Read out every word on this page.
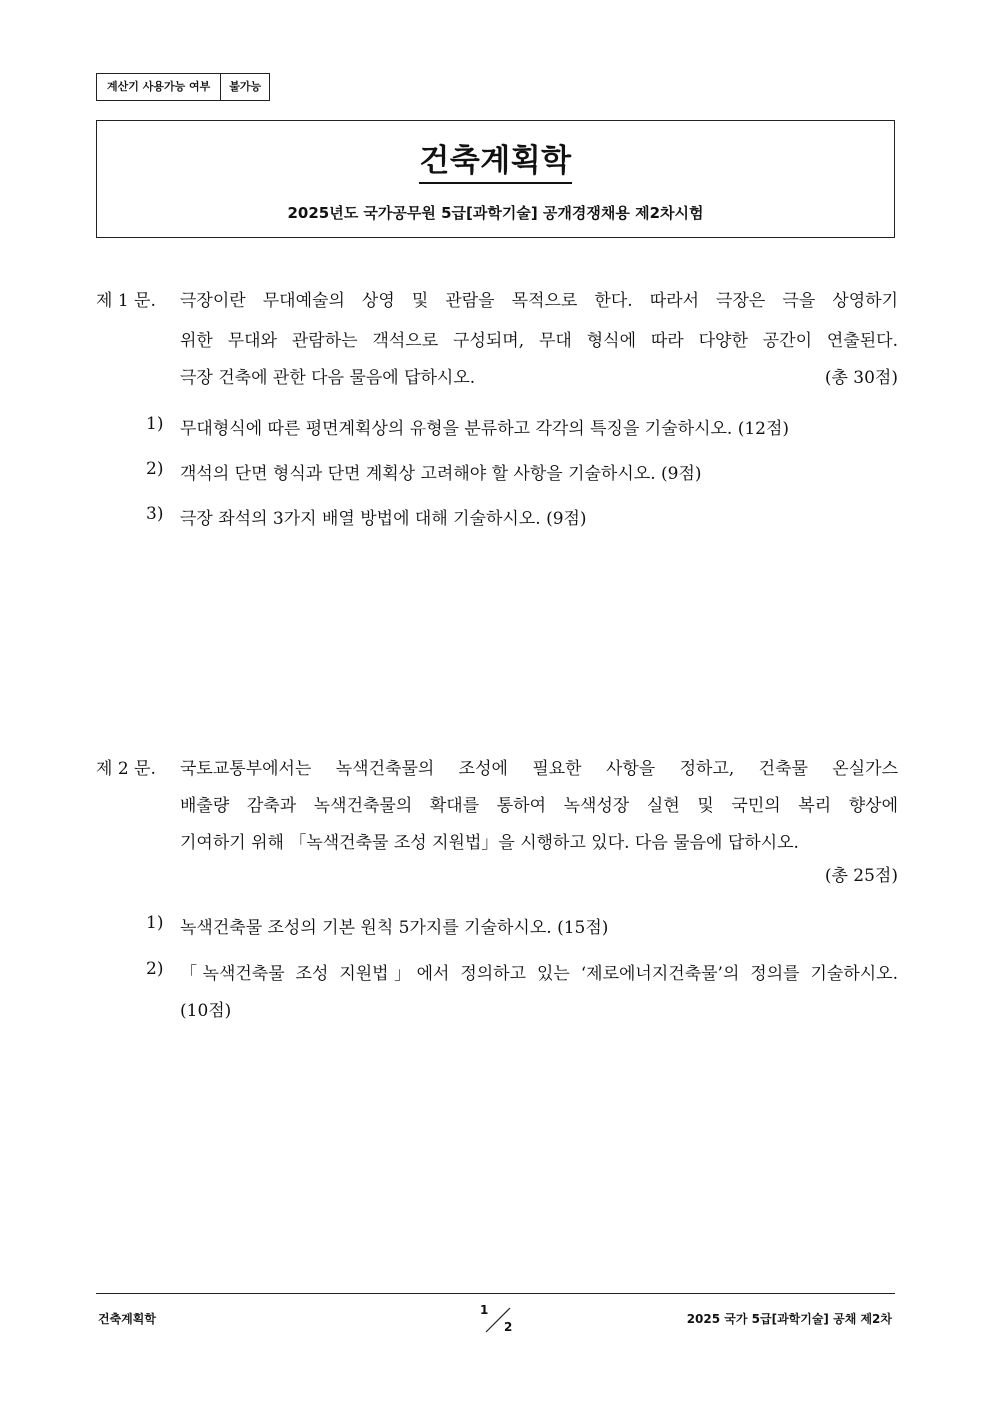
계산기 사용가능 여부	불가능
건축계획학
2025년도 국가공무원 5급[과학기술] 공개경쟁채용 제2차시험
제 1 문. 극장이란 무대예술의 상영 및 관람을 목적으로 한다. 따라서 극장은 극을 상영하기
위한 무대와 관람하는 객석으로 구성되며, 무대 형식에 따라 다양한 공간이 연출된다.
극장 건축에 관한 다음 물음에 답하시오.	(총 30점)
1) 무대형식에 따른 평면계획상의 유형을 분류하고 각각의 특징을 기술하시오. (12점)
2) 객석의 단면 형식과 단면 계획상 고려해야 할 사항을 기술하시오. (9점)
3) 극장 좌석의 3가지 배열 방법에 대해 기술하시오. (9점)
제 2 문. 국토교통부에서는 녹색건축물의 조성에 필요한 사항을 정하고, 건축물 온실가스
배출량 감축과 녹색건축물의 확대를 통하여 녹색성장 실현 및 국민의 복리 향상에
기여하기 위해 「녹색건축물 조성 지원법」을 시행하고 있다. 다음 물음에 답하시오.
(총 25점)
1) 녹색건축물 조성의 기본 원칙 5가지를 기술하시오. (15점)
2) 「녹색건축물 조성 지원법」에서 정의하고 있는 ‘제로에너지건축물’의 정의를 기술하시오.
(10점)
건축계획학
1
2
2025 국가 5급[과학기술] 공채 제2차
